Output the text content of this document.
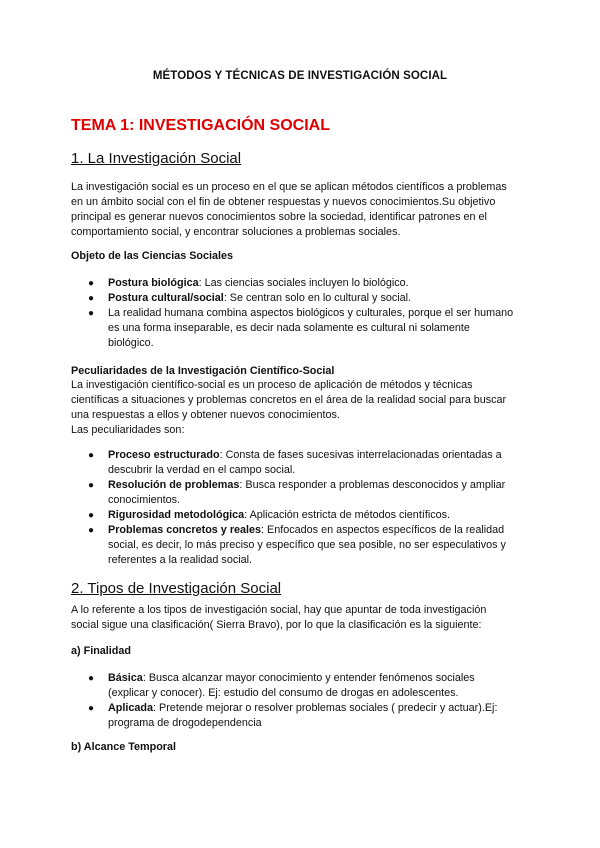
MÉTODOS Y TÉCNICAS DE INVESTIGACIÓN SOCIAL
TEMA 1: INVESTIGACIÓN SOCIAL
1. La Investigación Social

La investigación social es un proceso en el que se aplican métodos científicos a problemas
en un ámbito social con el fin de obtener respuestas y nuevos conocimientos.Su objetivo
principal es generar nuevos conocimientos sobre la sociedad, identificar patrones en el
comportamiento social, y encontrar soluciones a problemas sociales.

Objeto de las Ciencias Sociales

● Postura biológica: Las ciencias sociales incluyen lo biológico.
● Postura cultural/social: Se centran solo en lo cultural y social.
● La realidad humana combina aspectos biológicos y culturales, porque el ser humano
es una forma inseparable, es decir nada solamente es cultural ni solamente
biológico.

Peculiaridades de la Investigación Científico-Social

La investigación científico-social es un proceso de aplicación de métodos y técnicas
científicas a situaciones y problemas concretos en el área de la realidad social para buscar
una respuestas a ellos y obtener nuevos conocimientos.
Las peculiaridades son:

● Proceso estructurado: Consta de fases sucesivas interrelacionadas orientadas a
descubrir la verdad en el campo social.
● Resolución de problemas: Busca responder a problemas desconocidos y ampliar
conocimientos.
● Rigurosidad metodológica: Aplicación estricta de métodos científicos.
● Problemas concretos y reales: Enfocados en aspectos específicos de la realidad
social, es decir, lo más preciso y específico que sea posible, no ser especulativos y
referentes a la realidad social.
2. Tipos de Investigación Social

A lo referente a los tipos de investigación social, hay que apuntar de toda investigación
social sigue una clasificación( Sierra Bravo), por lo que la clasificación es la siguiente:

a) Finalidad

● Básica: Busca alcanzar mayor conocimiento y entender fenómenos sociales
(explicar y conocer). Ej: estudio del consumo de drogas en adolescentes.
● Aplicada: Pretende mejorar o resolver problemas sociales ( predecir y actuar).Ej:
programa de drogodependencia

b) Alcance Temporal
